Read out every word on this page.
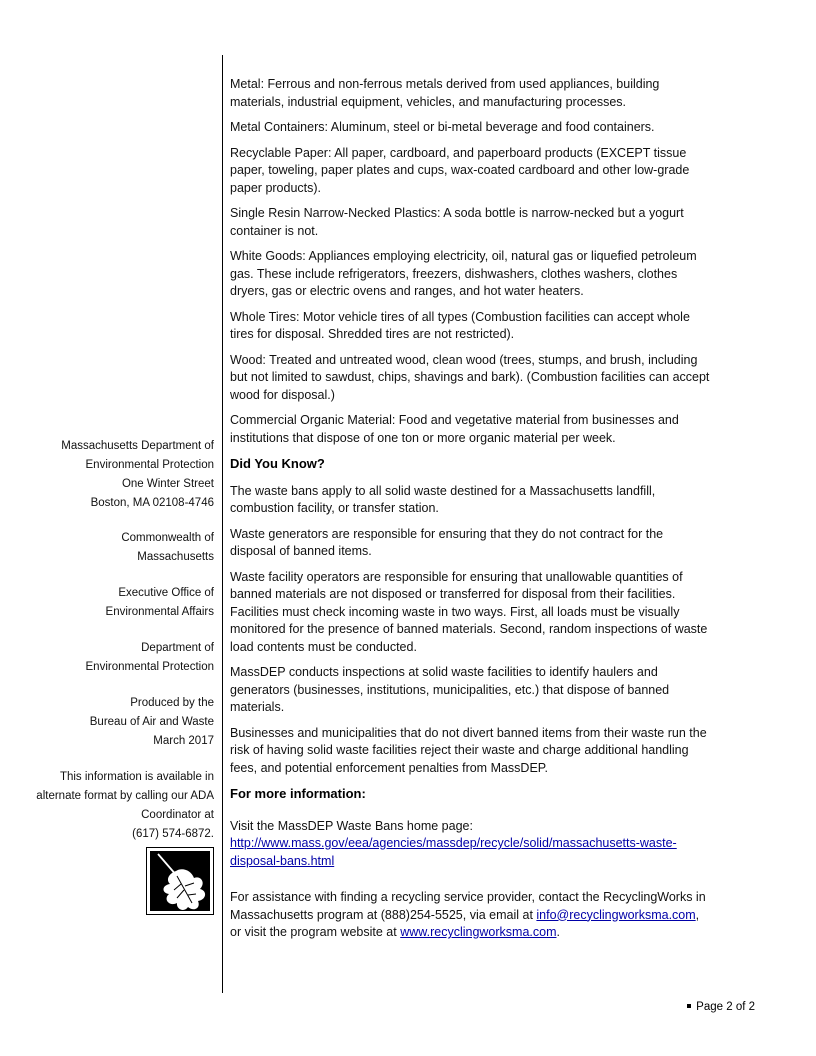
Massachusetts Department of
Environmental Protection
One Winter Street
Boston, MA 02108-4746
Commonwealth of
Massachusetts
Executive Office of
Environmental Affairs
Department of
Environmental Protection
Produced by the
Bureau of Air and Waste
March 2017
This information is available in
alternate format by calling our ADA
Coordinator at
(617) 574-6872.

Metal: Ferrous and non-ferrous metals derived from used appliances, building
materials, industrial equipment, vehicles, and manufacturing processes.

Metal Containers: Aluminum, steel or bi-metal beverage and food containers.

Recyclable Paper: All paper, cardboard, and paperboard products (EXCEPT tissue
paper, toweling, paper plates and cups, wax-coated cardboard and other low-grade
paper products).

Single Resin Narrow-Necked Plastics: A soda bottle is narrow-necked but a yogurt
container is not.

White Goods: Appliances employing electricity, oil, natural gas or liquefied petroleum
gas. These include refrigerators, freezers, dishwashers, clothes washers, clothes
dryers, gas or electric ovens and ranges, and hot water heaters.

Whole Tires: Motor vehicle tires of all types (Combustion facilities can accept whole
tires for disposal. Shredded tires are not restricted).

Wood: Treated and untreated wood, clean wood (trees, stumps, and brush, including
but not limited to sawdust, chips, shavings and bark). (Combustion facilities can accept
wood for disposal.)

Commercial Organic Material: Food and vegetative material from businesses and
institutions that dispose of one ton or more organic material per week.

Did You Know?

The waste bans apply to all solid waste destined for a Massachusetts landfill,
combustion facility, or transfer station.

Waste generators are responsible for ensuring that they do not contract for the
disposal of banned items.

Waste facility operators are responsible for ensuring that unallowable quantities of
banned materials are not disposed or transferred for disposal from their facilities.
Facilities must check incoming waste in two ways. First, all loads must be visually
monitored for the presence of banned materials. Second, random inspections of waste
load contents must be conducted.

MassDEP conducts inspections at solid waste facilities to identify haulers and
generators (businesses, institutions, municipalities, etc.) that dispose of banned
materials.

Businesses and municipalities that do not divert banned items from their waste run the
risk of having solid waste facilities reject their waste and charge additional handling
fees, and potential enforcement penalties from MassDEP.

For more information:

Visit the MassDEP Waste Bans home page:
http://www.mass.gov/eea/agencies/massdep/recycle/solid/massachusetts-waste-
disposal-bans.html

For assistance with finding a recycling service provider, contact the RecyclingWorks in
Massachusetts program at (888)254-5525, via email at info@recyclingworksma.com,
or visit the program website at www.recyclingworksma.com.

Page 2 of 2
